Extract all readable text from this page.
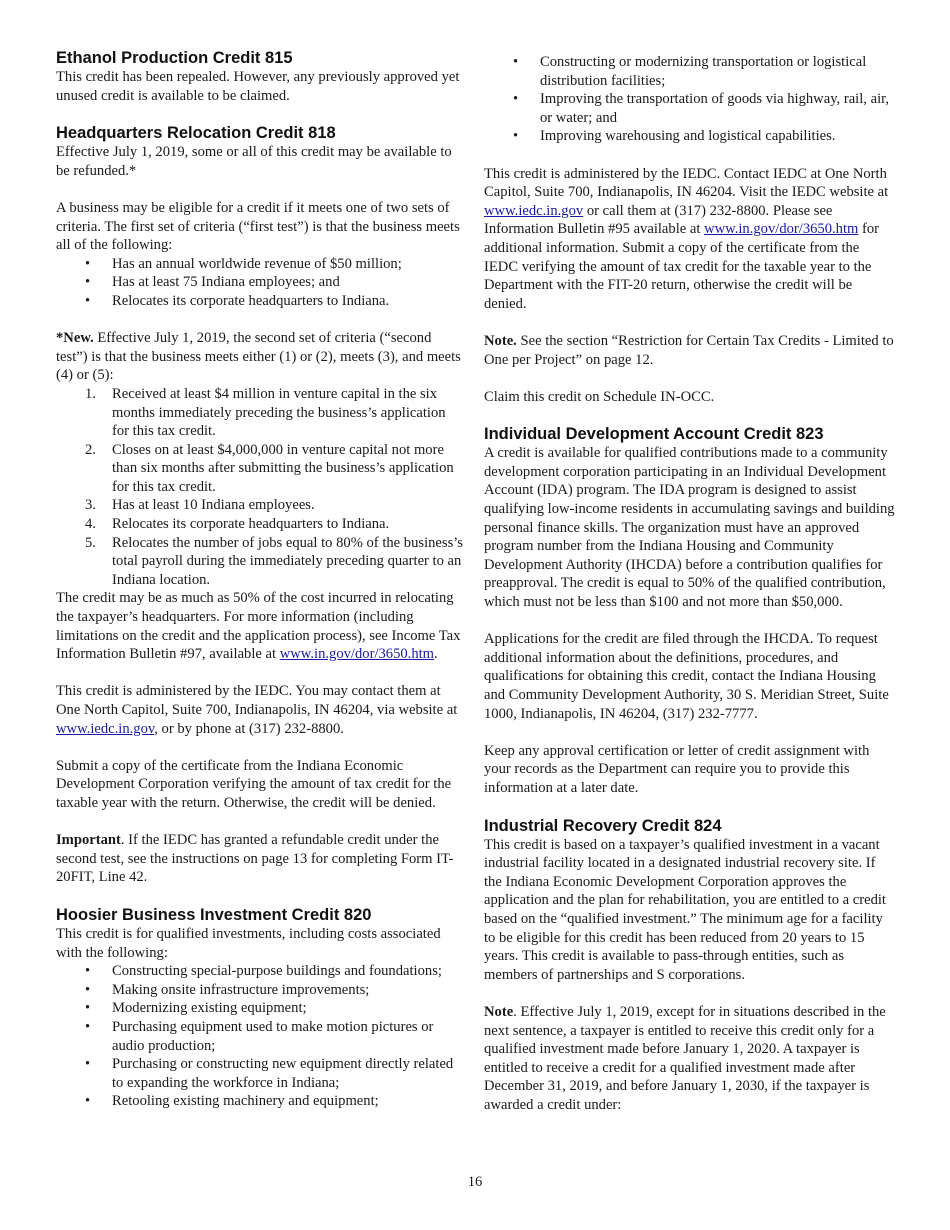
Ethanol Production Credit 815

This credit has been repealed. However, any previously approved yet unused credit is available to be claimed.

Headquarters Relocation Credit 818

Effective July 1, 2019, some or all of this credit may be available to be refunded.*

A business may be eligible for a credit if it meets one of two sets of criteria. The first set of criteria (“first test”) is that the business meets all of the following:

• Has an annual worldwide revenue of $50 million;
• Has at least 75 Indiana employees; and
• Relocates its corporate headquarters to Indiana.

*New. Effective July 1, 2019, the second set of criteria (“second test”) is that the business meets either (1) or (2), meets (3), and meets (4) or (5):

1. Received at least $4 million in venture capital in the six months immediately preceding the business’s application for this tax credit.
2. Closes on at least $4,000,000 in venture capital not more than six months after submitting the business’s application for this tax credit.
3. Has at least 10 Indiana employees.
4. Relocates its corporate headquarters to Indiana.
5. Relocates the number of jobs equal to 80% of the business’s total payroll during the immediately preceding quarter to an Indiana location.

The credit may be as much as 50% of the cost incurred in relocating the taxpayer’s headquarters. For more information (including limitations on the credit and the application process), see Income Tax Information Bulletin #97, available at www.in.gov/dor/3650.htm.

This credit is administered by the IEDC. You may contact them at One North Capitol, Suite 700, Indianapolis, IN 46204, via website at www.iedc.in.gov, or by phone at (317) 232-8800.

Submit a copy of the certificate from the Indiana Economic Development Corporation verifying the amount of tax credit for the taxable year with the return. Otherwise, the credit will be denied.

Important. If the IEDC has granted a refundable credit under the second test, see the instructions on page 13 for completing Form IT-20FIT, Line 42.

Hoosier Business Investment Credit 820

This credit is for qualified investments, including costs associated with the following:

• Constructing special-purpose buildings and foundations;
• Making onsite infrastructure improvements;
• Modernizing existing equipment;
• Purchasing equipment used to make motion pictures or audio production;
• Purchasing or constructing new equipment directly related to expanding the workforce in Indiana;
• Retooling existing machinery and equipment;
• Constructing or modernizing transportation or logistical distribution facilities;
• Improving the transportation of goods via highway, rail, air, or water; and
• Improving warehousing and logistical capabilities.

This credit is administered by the IEDC. Contact IEDC at One North Capitol, Suite 700, Indianapolis, IN 46204. Visit the IEDC website at www.iedc.in.gov or call them at (317) 232-8800. Please see Information Bulletin #95 available at www.in.gov/dor/3650.htm for additional information. Submit a copy of the certificate from the IEDC verifying the amount of tax credit for the taxable year to the Department with the FIT-20 return, otherwise the credit will be denied.

Note. See the section “Restriction for Certain Tax Credits - Limited to One per Project” on page 12.

Claim this credit on Schedule IN-OCC.

Individual Development Account Credit 823

A credit is available for qualified contributions made to a community development corporation participating in an Individual Development Account (IDA) program. The IDA program is designed to assist qualifying low-income residents in accumulating savings and building personal finance skills. The organization must have an approved program number from the Indiana Housing and Community Development Authority (IHCDA) before a contribution qualifies for preapproval. The credit is equal to 50% of the qualified contribution, which must not be less than $100 and not more than $50,000.

Applications for the credit are filed through the IHCDA. To request additional information about the definitions, procedures, and qualifications for obtaining this credit, contact the Indiana Housing and Community Development Authority, 30 S. Meridian Street, Suite 1000, Indianapolis, IN 46204, (317) 232-7777.

Keep any approval certification or letter of credit assignment with your records as the Department can require you to provide this information at a later date.

Industrial Recovery Credit 824

This credit is based on a taxpayer’s qualified investment in a vacant industrial facility located in a designated industrial recovery site. If the Indiana Economic Development Corporation approves the application and the plan for rehabilitation, you are entitled to a credit based on the “qualified investment.” The minimum age for a facility to be eligible for this credit has been reduced from 20 years to 15 years. This credit is available to pass-through entities, such as members of partnerships and S corporations.

Note. Effective July 1, 2019, except for in situations described in the next sentence, a taxpayer is entitled to receive this credit only for a qualified investment made before January 1, 2020. A taxpayer is entitled to receive a credit for a qualified investment made after December 31, 2019, and before January 1, 2030, if the taxpayer is awarded a credit under:

16
